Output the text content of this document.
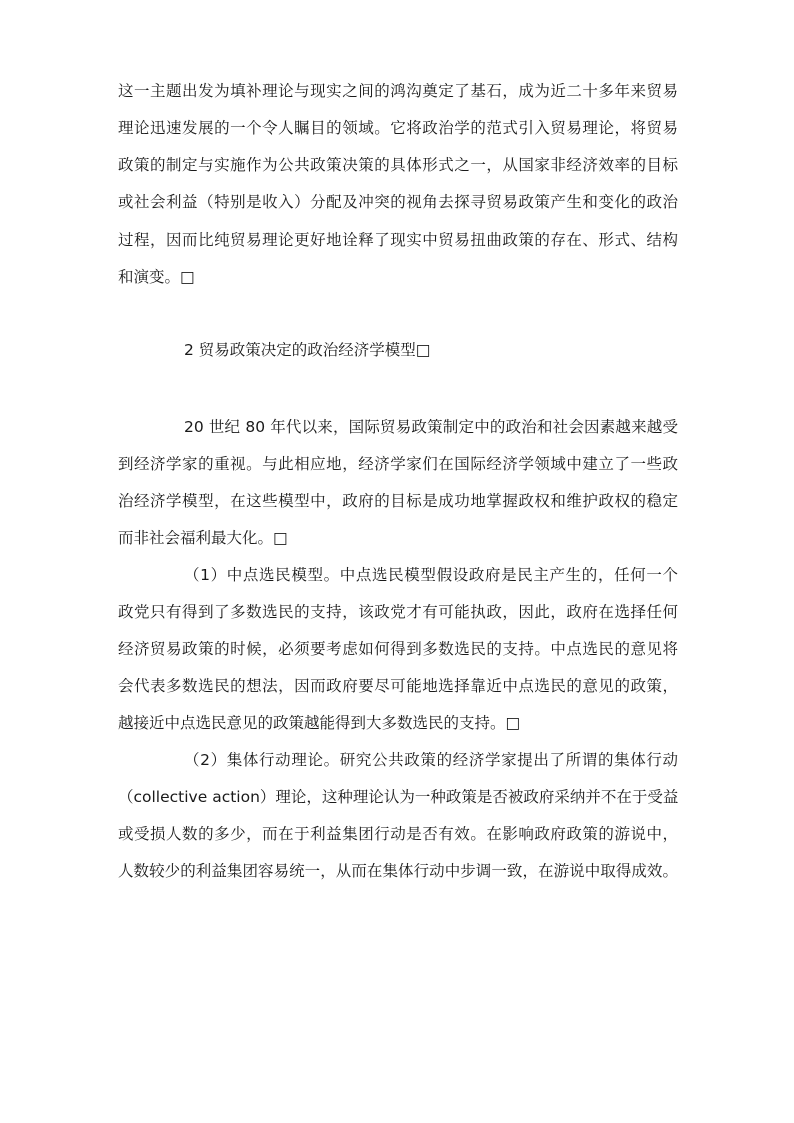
这一主题出发为填补理论与现实之间的鸿沟奠定了基石，成为近二十多年来贸易
理论迅速发展的一个令人瞩目的领域。它将政治学的范式引入贸易理论，将贸易
政策的制定与实施作为公共政策决策的具体形式之一，从国家非经济效率的目标
或社会利益（特别是收入）分配及冲突的视角去探寻贸易政策产生和变化的政治
过程，因而比纯贸易理论更好地诠释了现实中贸易扭曲政策的存在、形式、结构
和演变。□
2 贸易政策决定的政治经济学模型□
20 世纪 80 年代以来，国际贸易政策制定中的政治和社会因素越来越受
到经济学家的重视。与此相应地，经济学家们在国际经济学领域中建立了一些政
治经济学模型，在这些模型中，政府的目标是成功地掌握政权和维护政权的稳定
而非社会福利最大化。□
（1）中点选民模型。中点选民模型假设政府是民主产生的，任何一个
政党只有得到了多数选民的支持，该政党才有可能执政，因此，政府在选择任何
经济贸易政策的时候，必须要考虑如何得到多数选民的支持。中点选民的意见将
会代表多数选民的想法，因而政府要尽可能地选择靠近中点选民的意见的政策，
越接近中点选民意见的政策越能得到大多数选民的支持。□
（2）集体行动理论。研究公共政策的经济学家提出了所谓的集体行动
（collective action）理论，这种理论认为一种政策是否被政府采纳并不在于受益
或受损人数的多少，而在于利益集团行动是否有效。在影响政府政策的游说中，
人数较少的利益集团容易统一，从而在集体行动中步调一致，在游说中取得成效。
